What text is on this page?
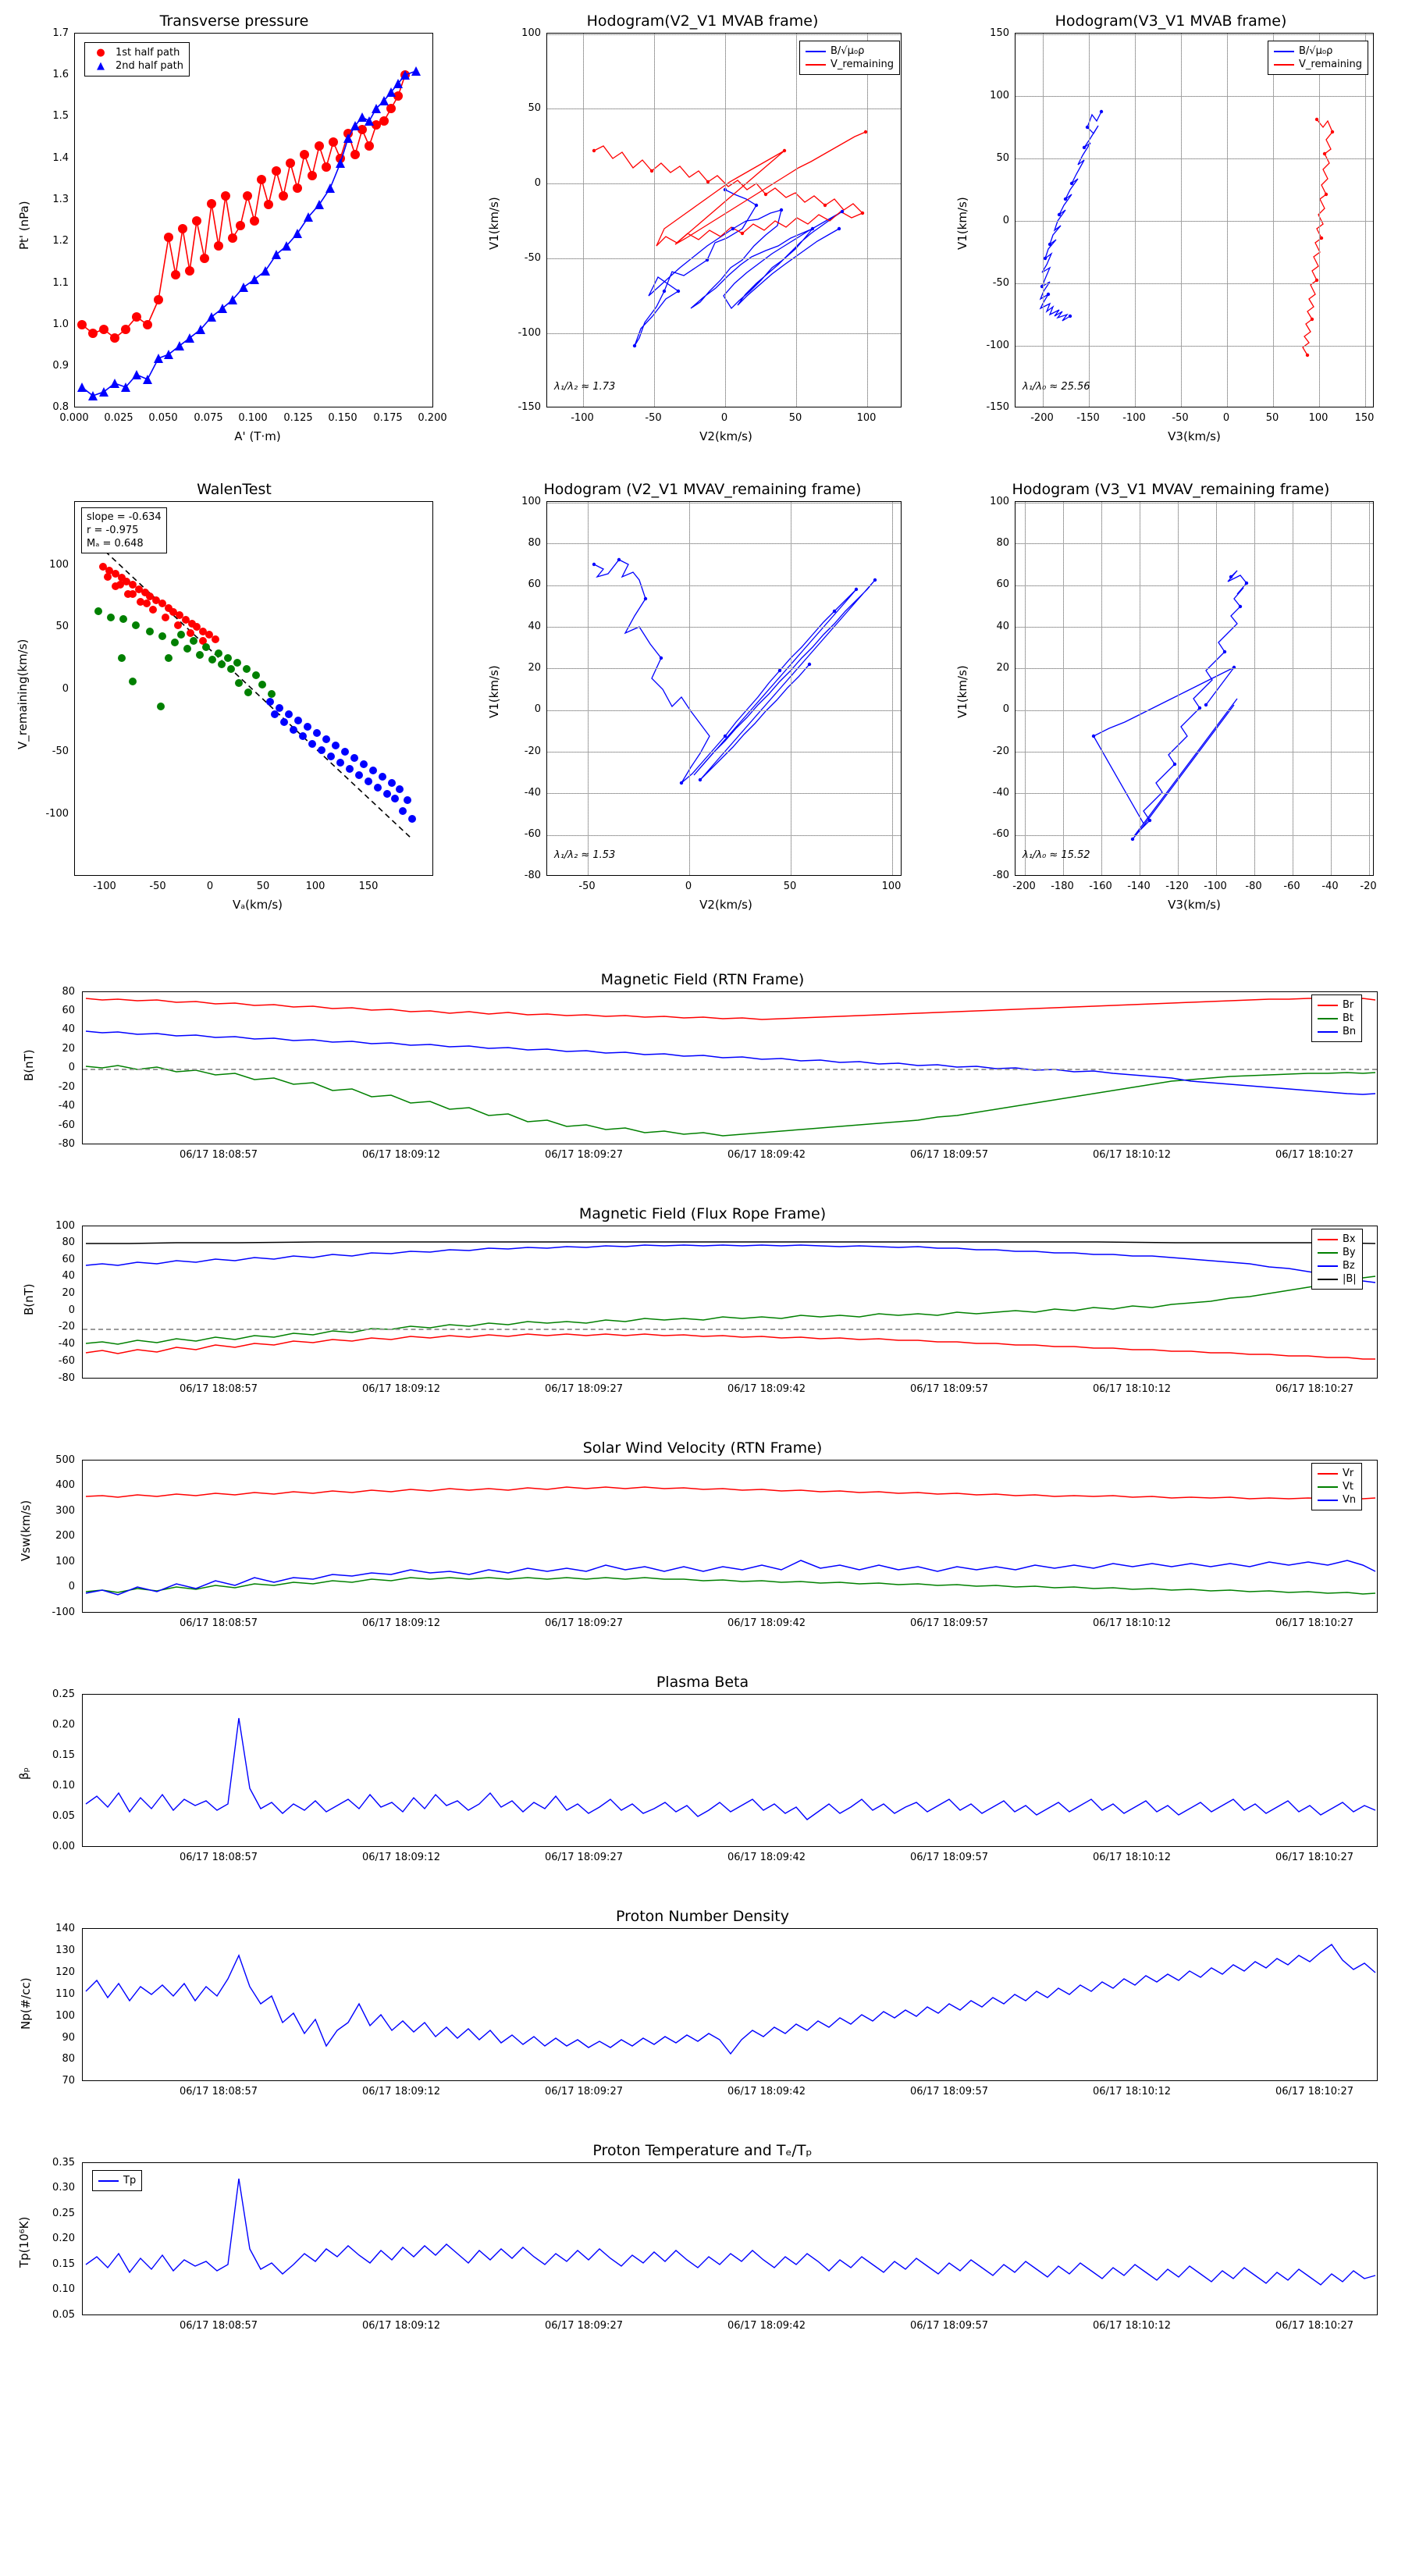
Transverse pressure
●	1st half path
▲	2nd half path
1.7
1.6
1.5
1.4
1.3
1.2
1.1
1.0
0.9
0.8
0.000	0.025	0.050	0.075	0.100	0.125	0.150	0.175	0.200
A' (T·m)
Pt' (nPa)
Hodogram(V2_V1 MVAB frame)
B/√μ₀ρ
V_remaining
λ₁/λ₂ ≈ 1.73
100
50
0
-50
-100
-150
-100	-50	0	50	100
V2(km/s)
V1(km/s)
Hodogram(V3_V1 MVAB frame)
B/√μ₀ρ
V_remaining
λ₁/λ₀ ≈ 25.56
150
100
50
0
-50
-100
-150
-200	-150	-100	-50	0	50	100	150
V3(km/s)
V1(km/s)
WalenTest
slope = -0.634
r = -0.975
Mₐ = 0.648
100
50
0
-50
-100
-100	-50	0	50	100	150
Vₐ(km/s)
V_remaining(km/s)
Hodogram (V2_V1 MVAV_remaining frame)
λ₁/λ₂ ≈ 1.53
100
80
60
40
20
0
-20
-40
-60
-80
-50	0	50	100
V2(km/s)
V1(km/s)
Hodogram (V3_V1 MVAV_remaining frame)
λ₁/λ₀ ≈ 15.52
100
80
60
40
20
0
-20
-40
-60
-80
-200	-180	-160	-140	-120	-100	-80	-60	-40	-20
V3(km/s)
V1(km/s)
Magnetic Field (RTN Frame)
Br
Bt
Bn
80
60
40
20
0
-20
-40
-60
-80
B(nT)
06/17 18:08:57	06/17 18:09:12	06/17 18:09:27	06/17 18:09:42	06/17 18:09:57	06/17 18:10:12	06/17 18:10:27
Magnetic Field (Flux Rope Frame)
Bx
By
Bz
|B|
100
80
60
40
20
0
-20
-40
-60
-80
B(nT)
06/17 18:08:57	06/17 18:09:12	06/17 18:09:27	06/17 18:09:42	06/17 18:09:57	06/17 18:10:12	06/17 18:10:27
Solar Wind Velocity (RTN Frame)
Vr
Vt
Vn
500
400
300
200
100
0
-100
Vsw(km/s)
06/17 18:08:57	06/17 18:09:12	06/17 18:09:27	06/17 18:09:42	06/17 18:09:57	06/17 18:10:12	06/17 18:10:27
Plasma Beta
0.25
0.20
0.15
0.10
0.05
0.00
βₚ
06/17 18:08:57	06/17 18:09:12	06/17 18:09:27	06/17 18:09:42	06/17 18:09:57	06/17 18:10:12	06/17 18:10:27
Proton Number Density
140
130
120
110
100
90
80
70
Np(#/cc)
06/17 18:08:57	06/17 18:09:12	06/17 18:09:27	06/17 18:09:42	06/17 18:09:57	06/17 18:10:12	06/17 18:10:27
Proton Temperature and Tₑ/Tₚ
Tp
0.35
0.30
0.25
0.20
0.15
0.10
0.05
Tp(10⁶K)
06/17 18:08:57	06/17 18:09:12	06/17 18:09:27	06/17 18:09:42	06/17 18:09:57	06/17 18:10:12	06/17 18:10:27
